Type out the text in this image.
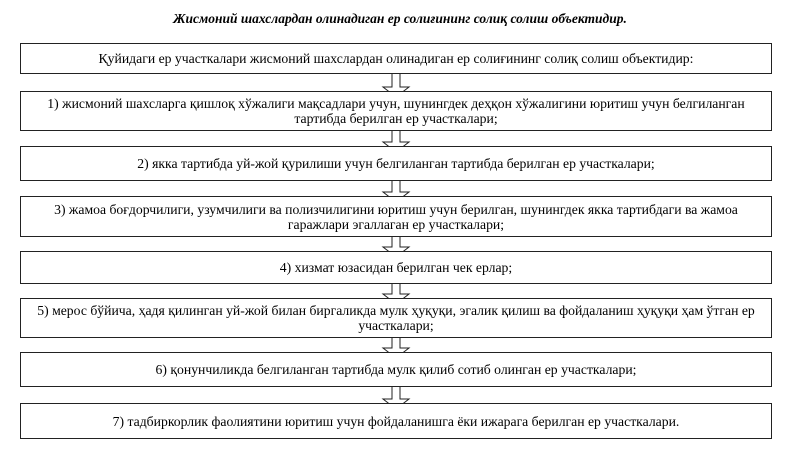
Жисмоний шахслардан олинадиган ер солиғининг солиқ солиш объектидир.
Қуйидаги ер участкалари жисмоний шахслардан олинадиган ер солиғининг солиқ солиш объектидир:
1) жисмоний шахсларга қишлоқ хўжалиги мақсадлари учун, шунингдек деҳқон хўжалигини юритиш учун белгиланган тартибда берилган ер участкалари;
2) якка тартибда уй-жой қурилиши учун белгиланган тартибда берилган ер участкалари;
3) жамоа боғдорчилиги, узумчилиги ва полизчилигини юритиш учун берилган, шунингдек якка тартибдаги ва жамоа гаражлари эгаллаган ер участкалари;
4) хизмат юзасидан берилган чек ерлар;
5) мерос бўйича, ҳадя қилинган уй-жой билан биргаликда мулк ҳуқуқи, эгалик қилиш ва фойдаланиш ҳуқуқи ҳам ўтган ер участкалари;
6) қонунчиликда белгиланган тартибда мулк қилиб сотиб олинган ер участкалари;
7) тадбиркорлик фаолиятини юритиш учун фойдаланишга ёки ижарага берилган ер участкалари.
